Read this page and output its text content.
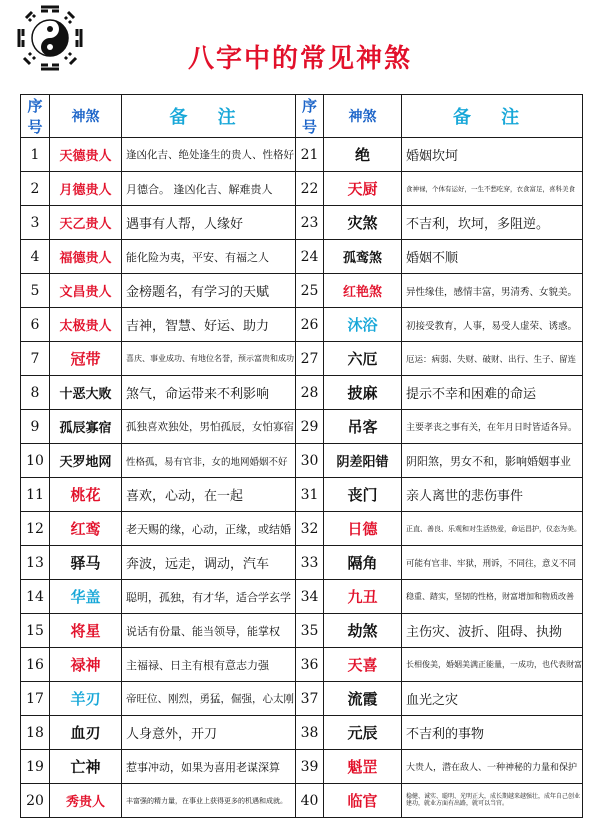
八字中的常见神煞
序号	神煞	备 注	序号	神煞	备 注
1	天德贵人	逢凶化吉、绝处逢生的贵人、性格好	21	绝	婚姻坎坷
2	月德贵人	月德合。 逢凶化吉、解难贵人	22	天厨	食神禄，个体有运好，一生不愁吃穿，衣食富足，喜科美食
3	天乙贵人	遇事有人帮，人缘好	23	灾煞	不吉利，坎坷，多阻逆。
4	福德贵人	能化险为夷，平安、有福之人	24	孤鸾煞	婚姻不顺
5	文昌贵人	金榜题名，有学习的天赋	25	红艳煞	异性缘佳，感情丰富，男清秀、女貌美。
6	太极贵人	吉神，智慧、好运、助力	26	沐浴	初接受教育，人事，易受人虚荣、诱惑。
7	冠带	喜庆、事业成功、有地位名誉，预示富贵和成功	27	六厄	厄运：病弱、失财、破财、出行、生子、留连
8	十恶大败	煞气，命运带来不利影响	28	披麻	提示不幸和困难的命运
9	孤辰寡宿	孤独喜欢独处，男怕孤辰，女怕寡宿	29	吊客	主要孝丧之事有关，在年月日时皆适各异。
10	天罗地网	性格孤，易有官非，女的地网婚姻不好	30	阴差阳错	阴阳煞，男女不和，影响婚姻事业
11	桃花	喜欢，心动，在一起	31	丧门	亲人离世的悲伤事件
12	红鸾	老天赐的缘，心动，正缘，或结婚	32	日德	正直、善良、乐观和对生活热爱，命运昌护，仪态为美。
13	驿马	奔波，远走，调动，汽车	33	隔角	可能有官非、牢狱，刑诉，不同往，意义不同
14	华盖	聪明，孤独，有才华，适合学玄学	34	九丑	稳重、踏实，坚韧的性格，财富增加和物质改善
15	将星	说话有份量、能当领导，能掌权	35	劫煞	主伤灾、波折、阻碍、执拗
16	禄神	主福禄、日主有根有意志力强	36	天喜	长相俊美，婚姻美满正能量，一成功，也代表财富
17	羊刃	帝旺位、刚烈，勇猛，倔强，心太刚	37	流霞	血光之灾
18	血刃	人身意外，开刀	38	元辰	不吉利的事物
19	亡神	惹事冲动，如果为喜用老谋深算	39	魁罡	大贵人，潜在敌人、一种神秘的力量和保护
20	秀贵人	丰富强的精力量，在事业上获得更多的机遇和成就。	40	临官	稳健、诚实、聪明、光明正大，成长期越来越强壮，成年自己创业建功，就业方面有出路，就可以当官。
